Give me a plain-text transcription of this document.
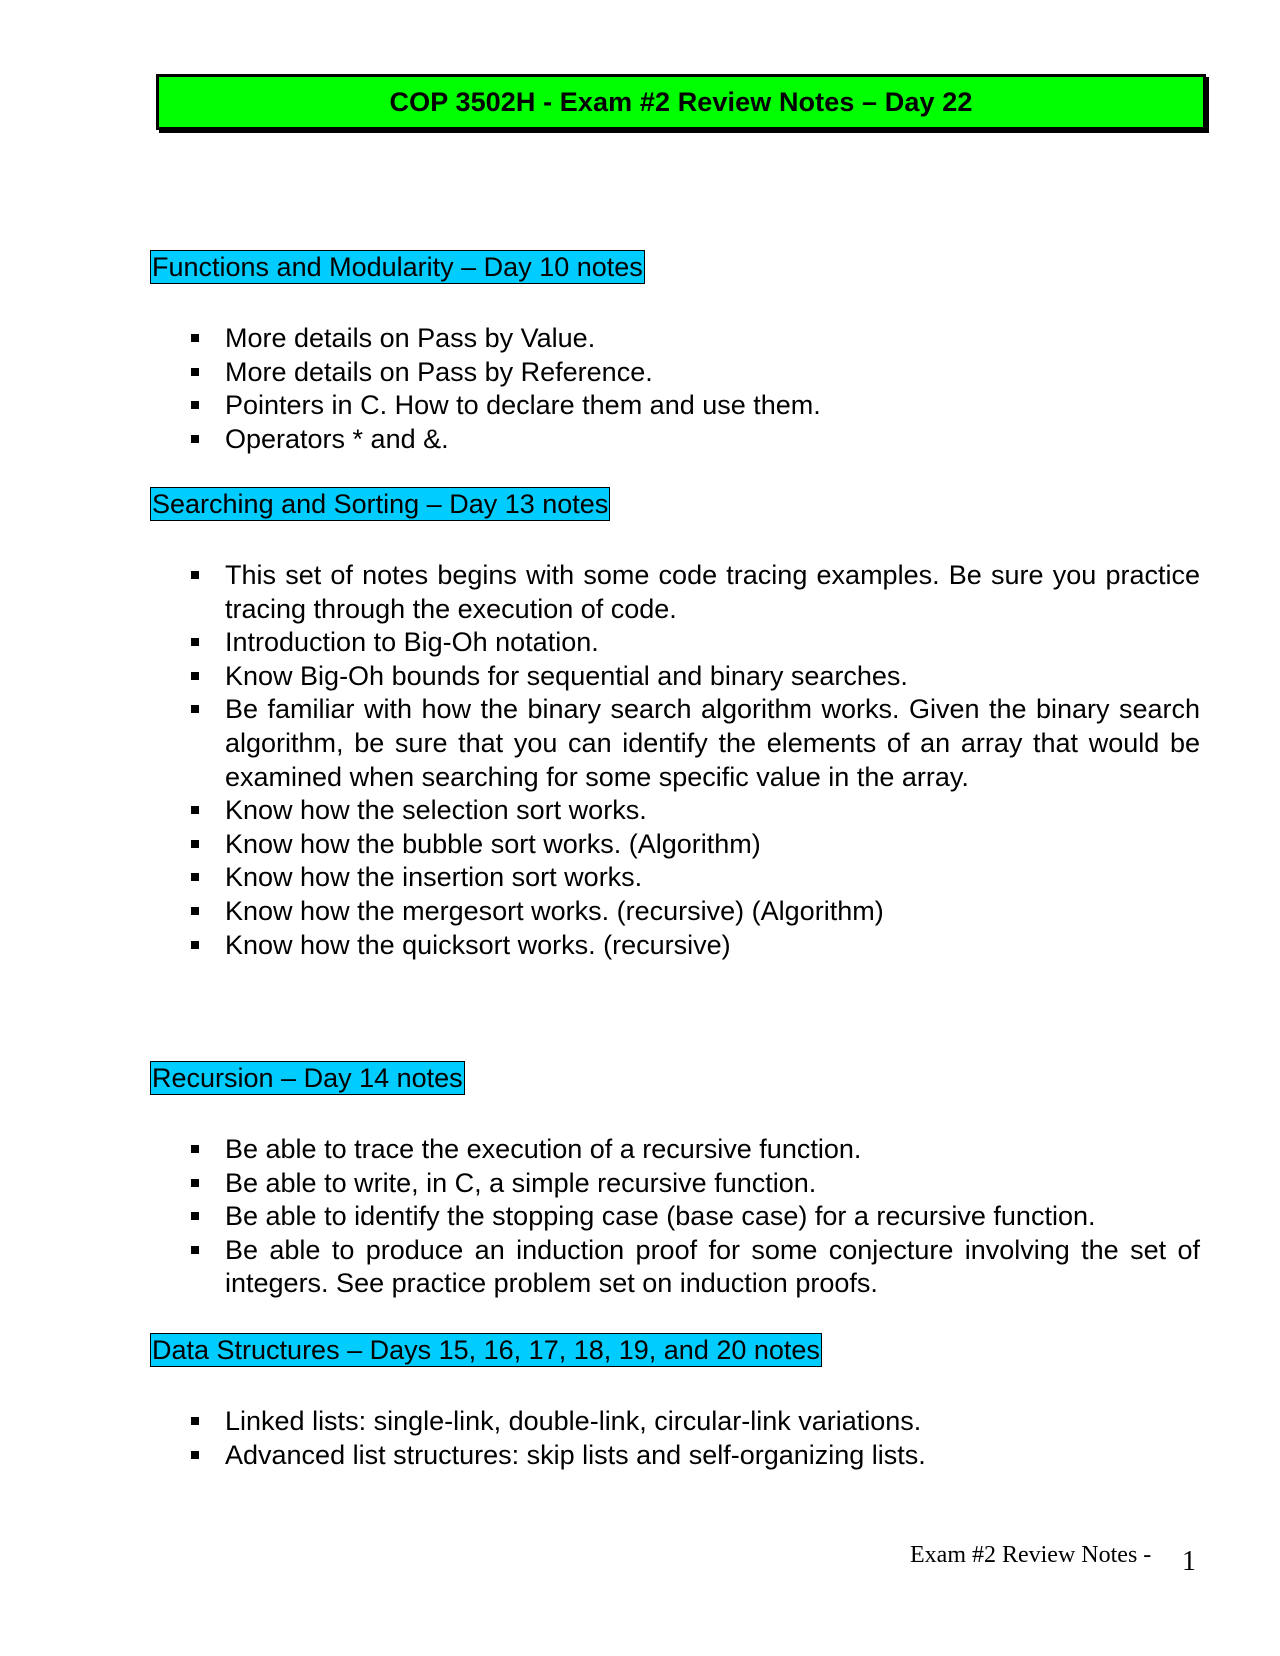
COP 3502H - Exam #2 Review Notes – Day 22
Functions and Modularity – Day 10 notes
More details on Pass by Value.
More details on Pass by Reference.
Pointers in C. How to declare them and use them.
Operators * and &.
Searching and Sorting – Day 13 notes
This set of notes begins with some code tracing examples. Be sure you practice tracing through the execution of code.
Introduction to Big-Oh notation.
Know Big-Oh bounds for sequential and binary searches.
Be familiar with how the binary search algorithm works. Given the binary search algorithm, be sure that you can identify the elements of an array that would be examined when searching for some specific value in the array.
Know how the selection sort works.
Know how the bubble sort works. (Algorithm)
Know how the insertion sort works.
Know how the mergesort works. (recursive) (Algorithm)
Know how the quicksort works. (recursive)
Recursion – Day 14 notes
Be able to trace the execution of a recursive function.
Be able to write, in C, a simple recursive function.
Be able to identify the stopping case (base case) for a recursive function.
Be able to produce an induction proof for some conjecture involving the set of integers. See practice problem set on induction proofs.
Data Structures – Days 15, 16, 17, 18, 19, and 20 notes
Linked lists: single-link, double-link, circular-link variations.
Advanced list structures: skip lists and self-organizing lists.
Exam #2 Review Notes - 1
